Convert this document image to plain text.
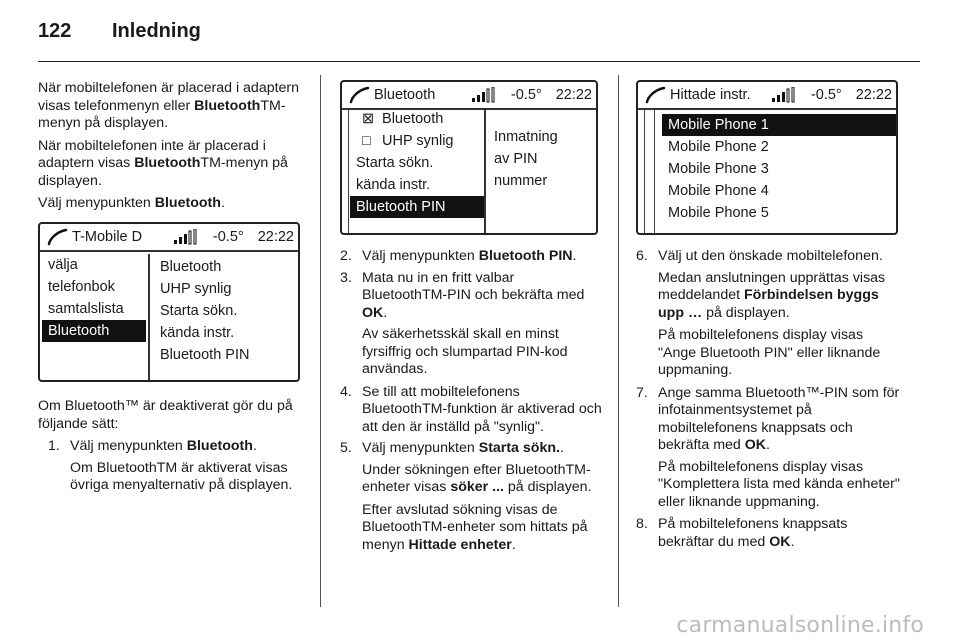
122 Inledning

När mobiltelefonen är placerad i adaptern visas telefonmenyn eller BluetoothTM-menyn på displayen.

När mobiltelefonen inte är placerad i adaptern visas BluetoothTM-menyn på displayen.

Välj menypunkten Bluetooth.

Om Bluetooth™ är deaktiverat gör du på följande sätt:

1. Välj menypunkten Bluetooth.

Om BluetoothTM är aktiverat visas övriga menyalternativ på displayen.

T-Mobile D	-0.5° 22:22
välja
telefonbok
samtalslista
Bluetooth
Bluetooth
UHP synlig
Starta sökn.
kända instr.
Bluetooth PIN
Bluetooth	-0.5° 22:22
⊠ Bluetooth
□ UHP synlig
Starta sökn.
kända instr.
Bluetooth PIN
Inmatning
av PIN
nummer
2. Välj menypunkten Bluetooth PIN.
3. Mata nu in en fritt valbar BluetoothTM-PIN och bekräfta med OK.

Av säkerhetsskäl skall en minst fyrsiffrig och slumpartad PIN-kod användas.

4. Se till att mobiltelefonens BluetoothTM-funktion är aktiverad och att den är inställd på "synlig".
5. Välj menypunkten Starta sökn..

Under sökningen efter BluetoothTM-enheter visas söker ... på displayen.

Efter avslutad sökning visas de BluetoothTM-enheter som hittats på menyn Hittade enheter.

Hittade instr.	-0.5° 22:22
Mobile Phone 1
Mobile Phone 2
Mobile Phone 3
Mobile Phone 4
Mobile Phone 5
6. Välj ut den önskade mobiltelefonen.

Medan anslutningen upprättas visas meddelandet Förbindelsen byggs upp … på displayen.

På mobiltelefonens display visas "Ange Bluetooth PIN" eller liknande uppmaning.

7. Ange samma Bluetooth™-PIN som för infotainmentsystemet på mobiltelefonens knappsats och bekräfta med OK.

På mobiltelefonens display visas "Komplettera lista med kända enheter" eller liknande uppmaning.

8. På mobiltelefonens knappsats bekräftar du med OK.
carmanualsonline.info
